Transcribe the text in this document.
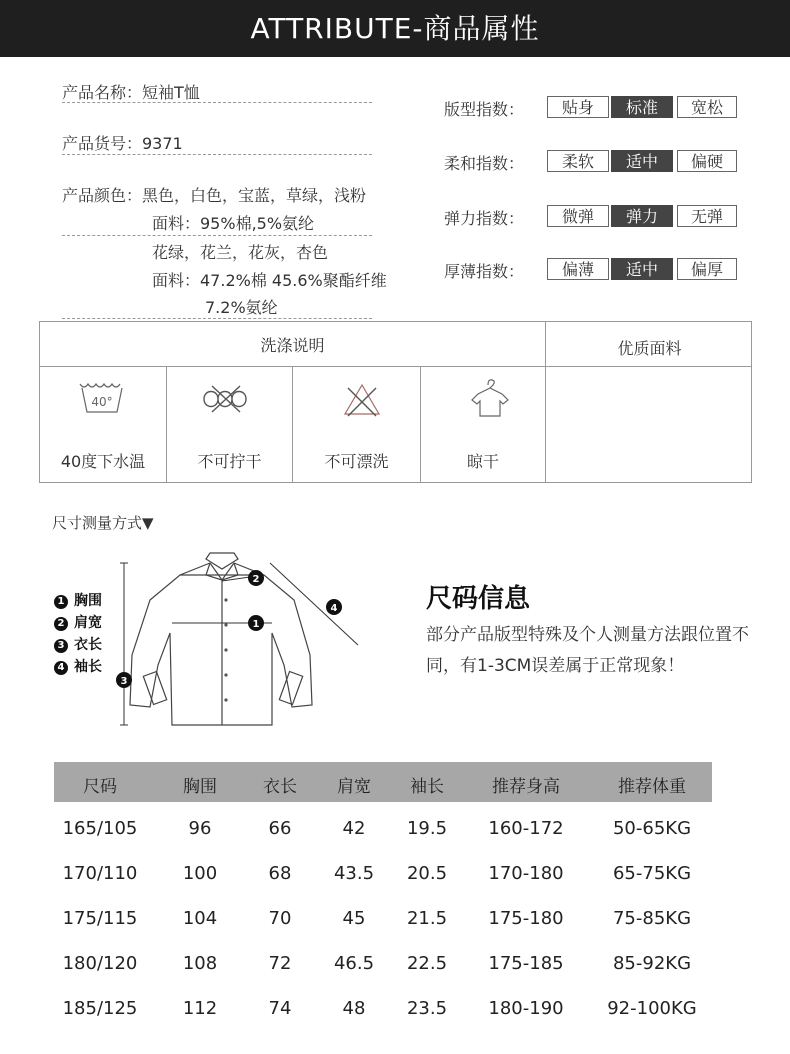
ATTRIBUTE-商品属性
产品名称：短袖T恤
产品货号：9371
产品颜色：黑色，白色，宝蓝，草绿，浅粉
面料：95%棉,5%氨纶
花绿，花兰，花灰，杏色
面料：47.2%棉 45.6%聚酯纤维
7.2%氨纶
版型指数：	贴身	标准	宽松
柔和指数：	柔软	适中	偏硬
弹力指数：	微弹	弹力	无弹
厚薄指数：	偏薄	适中	偏厚
洗涤说明	优质面料
40°
40度下水温	不可拧干	不可漂洗	晾干
尺寸测量方式▼
1 胸围
2 肩宽
3 衣长
4 袖长
1
2
3
4	尺码信息
部分产品版型特殊及个人测量方法跟位置不同，有1-3CM误差属于正常现象！
尺码	胸围	衣长	肩宽	袖长	推荐身高	推荐体重
165/105	96	66	42	19.5	160-172	50-65KG
170/110	100	68	43.5	20.5	170-180	65-75KG
175/115	104	70	45	21.5	175-180	75-85KG
180/120	108	72	46.5	22.5	175-185	85-92KG
185/125	112	74	48	23.5	180-190	92-100KG
